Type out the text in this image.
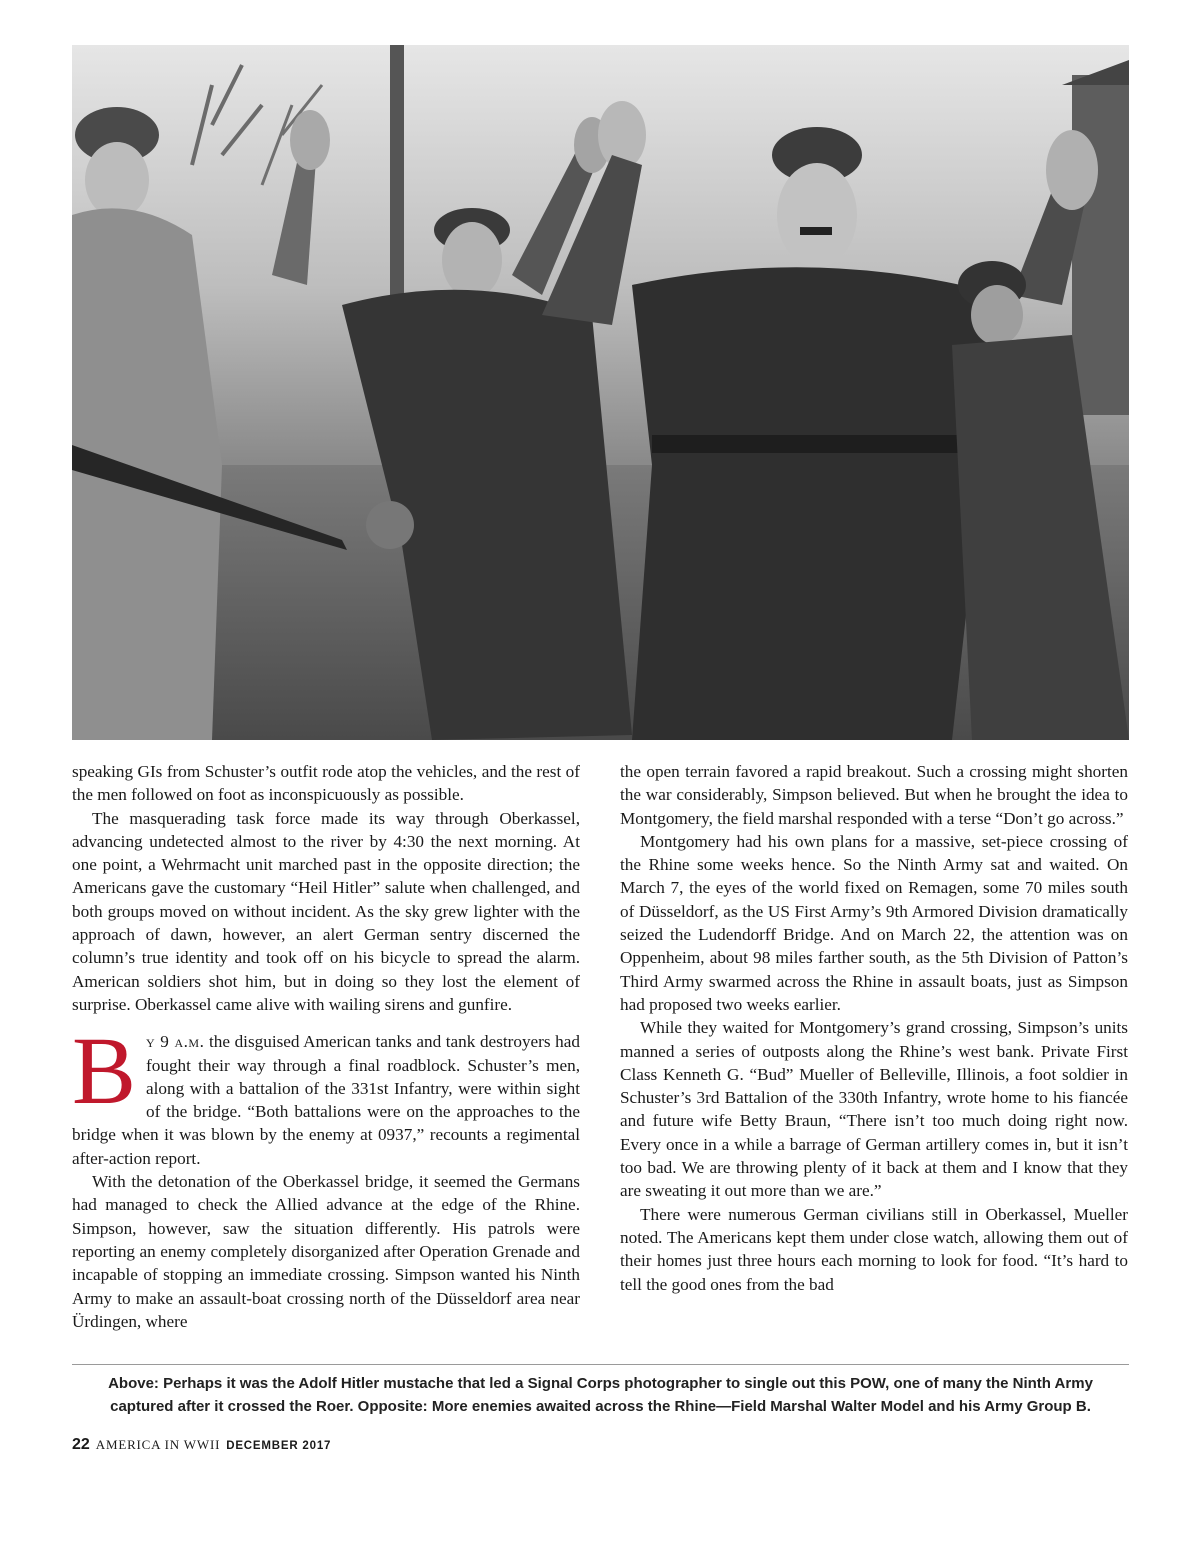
speaking GIs from Schuster’s outfit rode atop the vehicles, and the rest of the men followed on foot as inconspicuously as possible.

The masquerading task force made its way through Oberkassel, advancing undetected almost to the river by 4:30 the next morning. At one point, a Wehrmacht unit marched past in the opposite direction; the Americans gave the customary “Heil Hitler” salute when challenged, and both groups moved on without incident. As the sky grew lighter with the approach of dawn, however, an alert German sentry discerned the column’s true identity and took off on his bicycle to spread the alarm. American soldiers shot him, but in doing so they lost the element of surprise. Oberkassel came alive with wailing sirens and gunfire.

By 9 a.m. the disguised American tanks and tank destroyers had fought their way through a final roadblock. Schuster’s men, along with a battalion of the 331st Infantry, were within sight of the bridge. “Both battalions were on the approaches to the bridge when it was blown by the enemy at 0937,” recounts a regimental after-action report.

With the detonation of the Oberkassel bridge, it seemed the Germans had managed to check the Allied advance at the edge of the Rhine. Simpson, however, saw the situation differently. His patrols were reporting an enemy completely disorganized after Operation Grenade and incapable of stopping an immediate crossing. Simpson wanted his Ninth Army to make an assault-boat crossing north of the Düsseldorf area near Ürdingen, where

the open terrain favored a rapid breakout. Such a crossing might shorten the war considerably, Simpson believed. But when he brought the idea to Montgomery, the field marshal responded with a terse “Don’t go across.”

Montgomery had his own plans for a massive, set-piece crossing of the Rhine some weeks hence. So the Ninth Army sat and waited. On March 7, the eyes of the world fixed on Remagen, some 70 miles south of Düsseldorf, as the US First Army’s 9th Armored Division dramatically seized the Ludendorff Bridge. And on March 22, the attention was on Oppenheim, about 98 miles farther south, as the 5th Division of Patton’s Third Army swarmed across the Rhine in assault boats, just as Simpson had proposed two weeks earlier.

While they waited for Montgomery’s grand crossing, Simpson’s units manned a series of outposts along the Rhine’s west bank. Private First Class Kenneth G. “Bud” Mueller of Belleville, Illinois, a foot soldier in Schuster’s 3rd Battalion of the 330th Infantry, wrote home to his fiancée and future wife Betty Braun, “There isn’t too much doing right now. Every once in a while a barrage of German artillery comes in, but it isn’t too bad. We are throwing plenty of it back at them and I know that they are sweating it out more than we are.”

There were numerous German civilians still in Oberkassel, Mueller noted. The Americans kept them under close watch, allowing them out of their homes just three hours each morning to look for food. “It’s hard to tell the good ones from the bad

Above: Perhaps it was the Adolf Hitler mustache that led a Signal Corps photographer to single out this POW, one of many the Ninth Army
captured after it crossed the Roer. Opposite: More enemies awaited across the Rhine—Field Marshal Walter Model and his Army Group B.
22 AMERICA IN WWII DECEMBER 2017
